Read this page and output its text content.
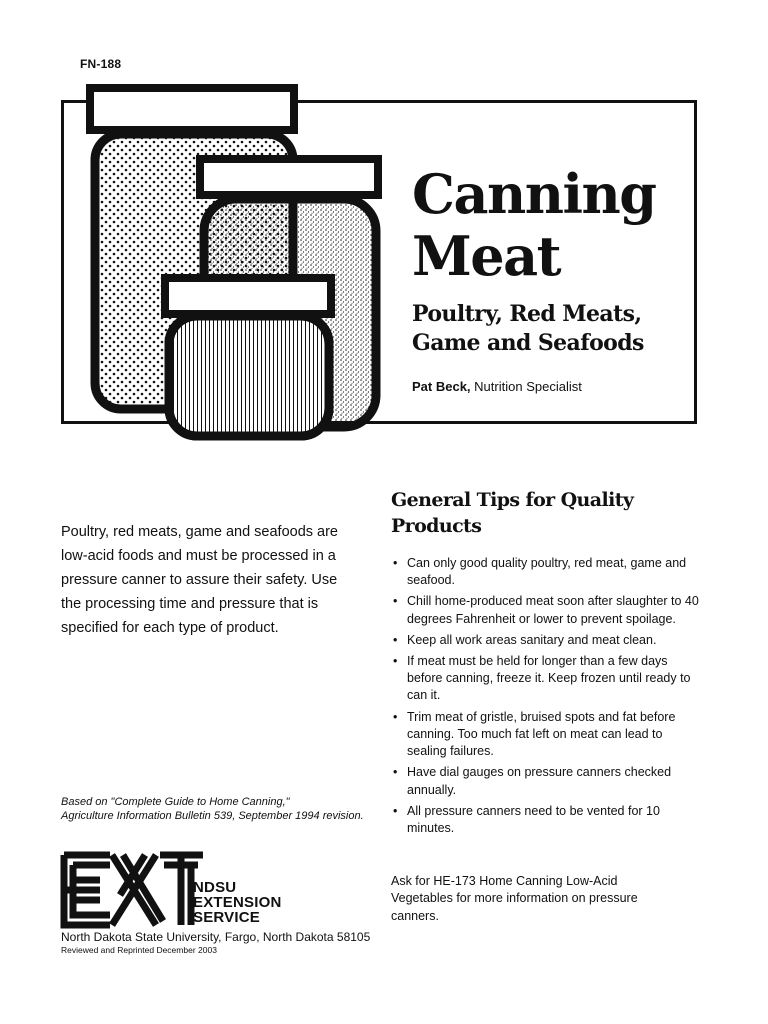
FN-188
Canning
Meat
Poultry, Red Meats,
Game and Seafoods
Pat Beck, Nutrition Specialist
Poultry, red meats, game and seafoods are low-acid foods and must be processed in a pressure canner to assure their safety. Use the processing time and pressure that is specified for each type of product.
Based on "Complete Guide to Home Canning,"
Agriculture Information Bulletin 539, September 1994 revision.
NDSU
EXTENSION
SERVICE
North Dakota State University, Fargo, North Dakota 58105
Reviewed and Reprinted December 2003
General Tips for Quality Products
• Can only good quality poultry, red meat, game and seafood.
• Chill home-produced meat soon after slaughter to 40 degrees Fahrenheit or lower to prevent spoilage.
• Keep all work areas sanitary and meat clean.
• If meat must be held for longer than a few days before canning, freeze it. Keep frozen until ready to can it.
• Trim meat of gristle, bruised spots and fat before canning. Too much fat left on meat can lead to sealing failures.
• Have dial gauges on pressure canners checked annually.
• All pressure canners need to be vented for 10 minutes.
Ask for HE-173 Home Canning Low-Acid Vegetables for more information on pressure canners.
